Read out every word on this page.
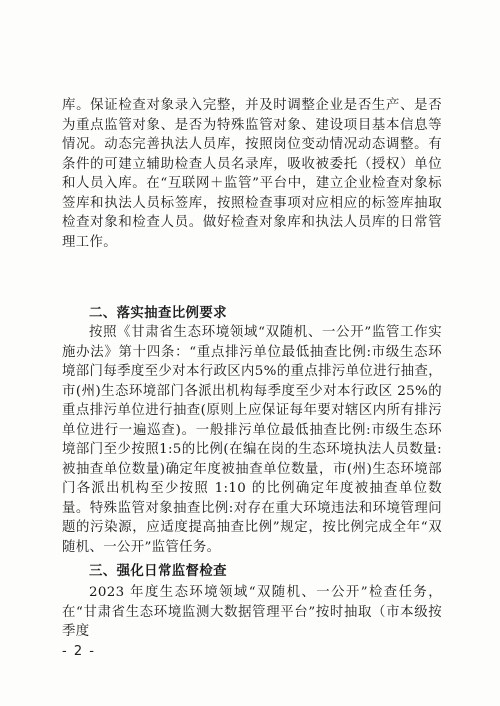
库。保证检查对象录入完整，并及时调整企业是否生产、是否为重点监管对象、是否为特殊监管对象、建设项目基本信息等情况。动态完善执法人员库，按照岗位变动情况动态调整。有条件的可建立辅助检查人员名录库，吸收被委托（授权）单位和人员入库。在“互联网＋监管”平台中，建立企业检查对象标签库和执法人员标签库，按照检查事项对应相应的标签库抽取检查对象和检查人员。做好检查对象库和执法人员库的日常管理工作。
二、落实抽查比例要求
按照《甘肃省生态环境领域“双随机、一公开”监管工作实施办法》第十四条：“重点排污单位最低抽查比例:市级生态环境部门每季度至少对本行政区内5%的重点排污单位进行抽查，市(州)生态环境部门各派出机构每季度至少对本行政区 25%的重点排污单位进行抽查(原则上应保证每年要对辖区内所有排污单位进行一遍巡查)。一般排污单位最低抽查比例:市级生态环境部门至少按照1:5的比例(在编在岗的生态环境执法人员数量:被抽查单位数量)确定年度被抽查单位数量，市(州)生态环境部门各派出机构至少按照 1:10 的比例确定年度被抽查单位数量。特殊监管对象抽查比例:对存在重大环境违法和环境管理问题的污染源，应适度提高抽查比例”规定，按比例完成全年“双随机、一公开”监管任务。
三、强化日常监督检查
2023 年度生态环境领域“双随机、一公开”检查任务，在“甘肃省生态环境监测大数据管理平台”按时抽取（市本级按季度
- 2 -
